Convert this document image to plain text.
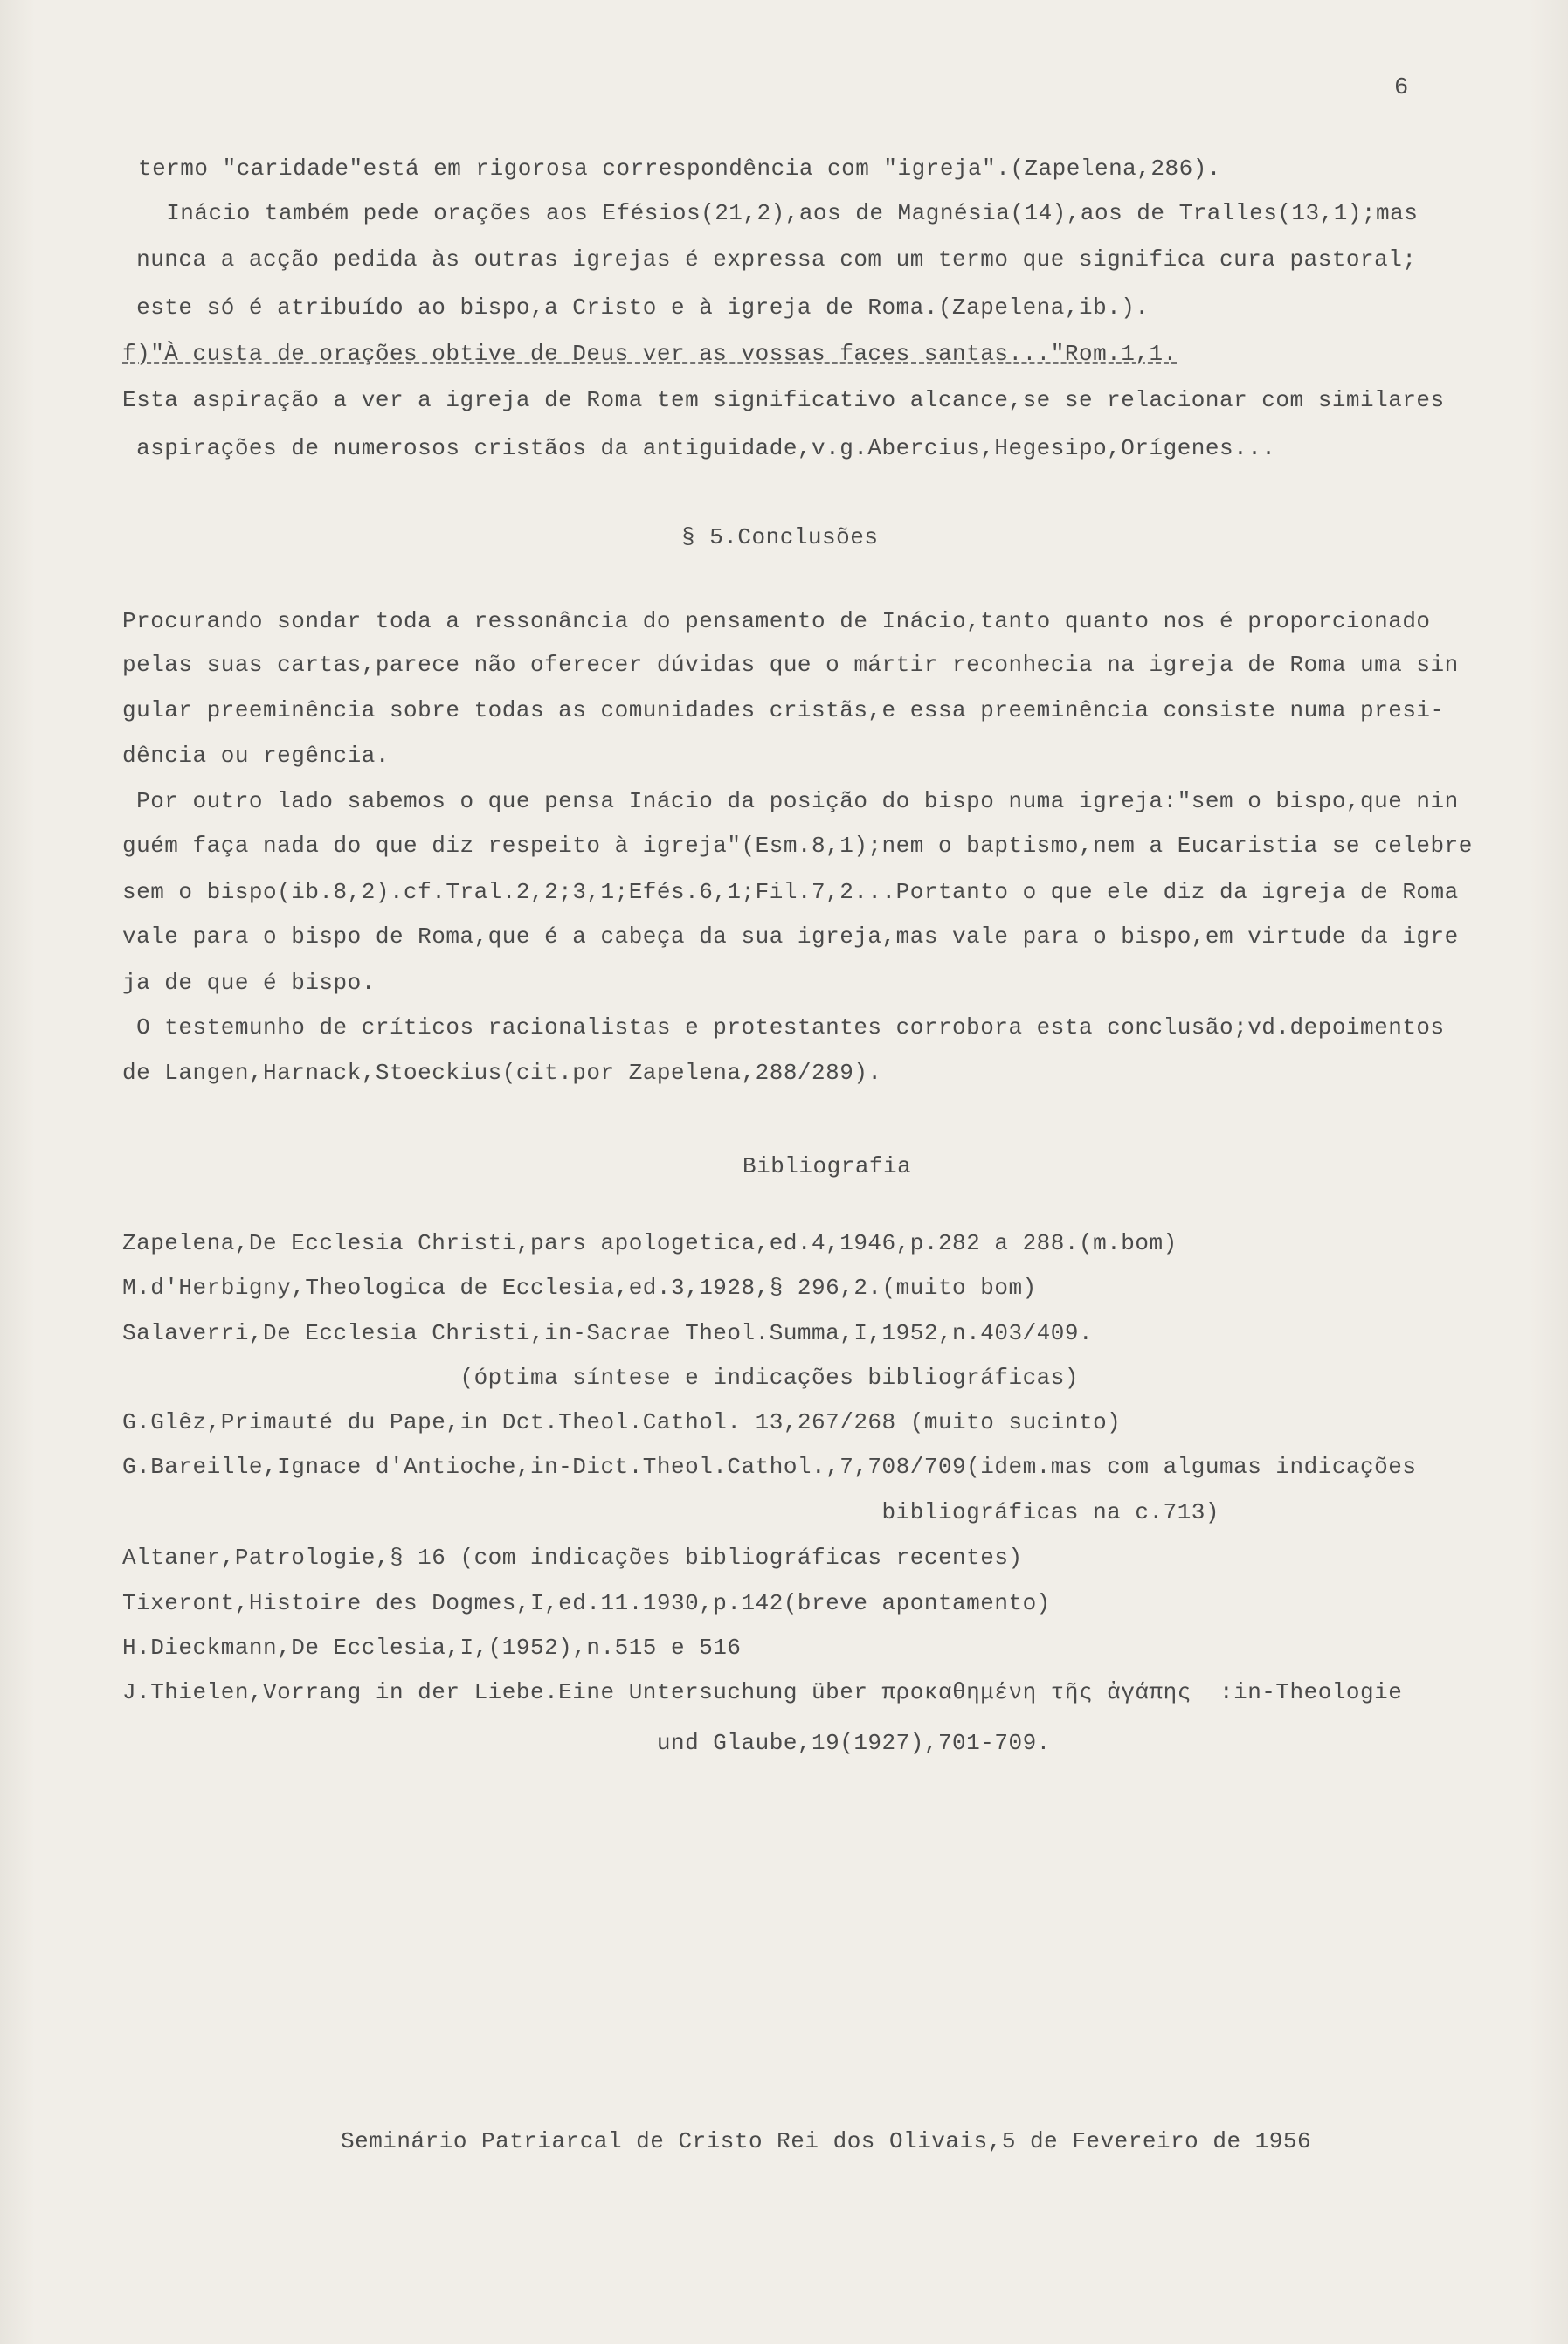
6
termo "caridade"está em rigorosa correspondência com "igreja".(Zapelena,286).
Inácio também pede orações aos Efésios(21,2),aos de Magnésia(14),aos de Tralles(13,1);mas
nunca a acção pedida às outras igrejas é expressa com um termo que significa cura pastoral;
este só é atribuído ao bispo,a Cristo e à igreja de Roma.(Zapelena,ib.).
f)"À custa de orações obtive de Deus ver as vossas faces santas..."Rom.1,1.
Esta aspiração a ver a igreja de Roma tem significativo alcance,se se relacionar com similares
aspirações de numerosos cristãos da antiguidade,v.g.Abercius,Hegesipo,Orígenes...
§ 5.Conclusões
Procurando sondar toda a ressonância do pensamento de Inácio,tanto quanto nos é proporcionado
pelas suas cartas,parece não oferecer dúvidas que o mártir reconhecia na igreja de Roma uma sin
gular preeminência sobre todas as comunidades cristãs,e essa preeminência consiste numa presi-
dência ou regência.
Por outro lado sabemos o que pensa Inácio da posição do bispo numa igreja:"sem o bispo,que nin
guém faça nada do que diz respeito à igreja"(Esm.8,1);nem o baptismo,nem a Eucaristia se celebre
sem o bispo(ib.8,2).cf.Tral.2,2;3,1;Efés.6,1;Fil.7,2...Portanto o que ele diz da igreja de Roma
vale para o bispo de Roma,que é a cabeça da sua igreja,mas vale para o bispo,em virtude da igre
ja de que é bispo.
O testemunho de críticos racionalistas e protestantes corrobora esta conclusão;vd.depoimentos
de Langen,Harnack,Stoeckius(cit.por Zapelena,288/289).
Bibliografia
Zapelena,De Ecclesia Christi,pars apologetica,ed.4,1946,p.282 a 288.(m.bom)
M.d'Herbigny,Theologica de Ecclesia,ed.3,1928,§ 296,2.(muito bom)
Salaverri,De Ecclesia Christi,in-Sacrae Theol.Summa,I,1952,n.403/409.
(óptima síntese e indicações bibliográficas)
G.Glêz,Primauté du Pape,in Dct.Theol.Cathol. 13,267/268 (muito sucinto)
G.Bareille,Ignace d'Antioche,in-Dict.Theol.Cathol.,7,708/709(idem.mas com algumas indicações
bibliográficas na c.713)
Altaner,Patrologie,§ 16 (com indicações bibliográficas recentes)
Tixeront,Histoire des Dogmes,I,ed.11.1930,p.142(breve apontamento)
H.Dieckmann,De Ecclesia,I,(1952),n.515 e 516
J.Thielen,Vorrang in der Liebe.Eine Untersuchung über προκαθημένη τῆς ἀγάπης  :in-Theologie
und Glaube,19(1927),701-709.
Seminário Patriarcal de Cristo Rei dos Olivais,5 de Fevereiro de 1956
